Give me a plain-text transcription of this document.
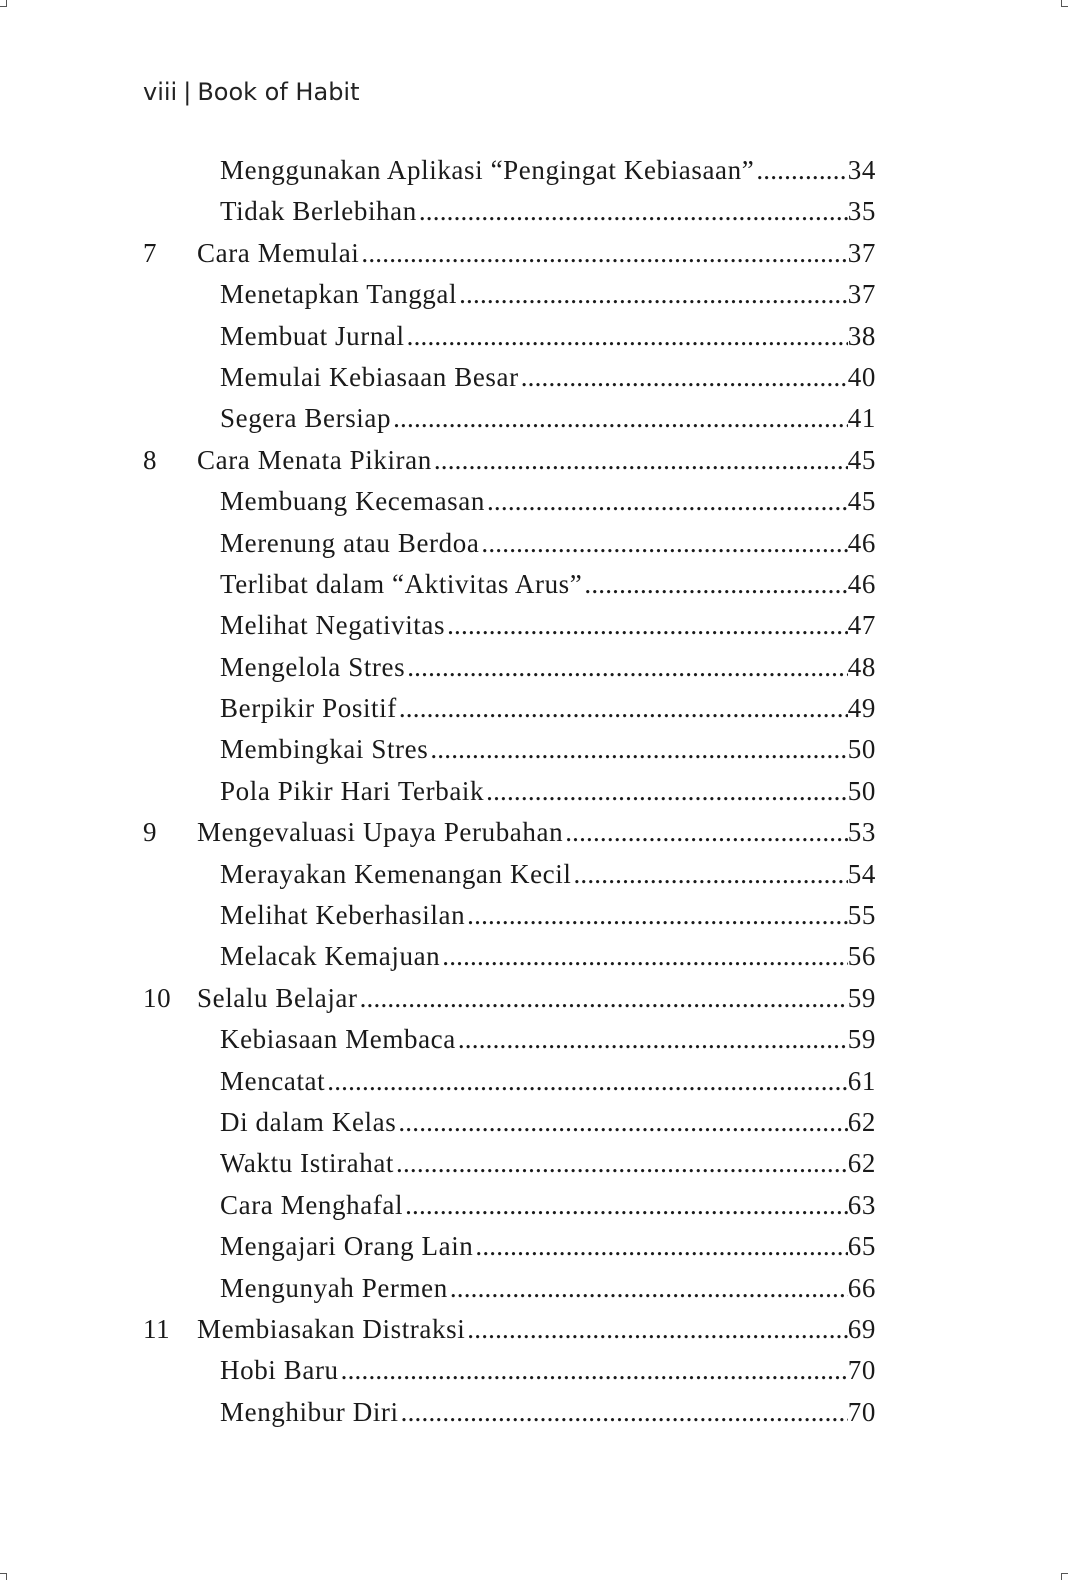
viii | Book of Habit
Menggunakan Aplikasi “Pengingat Kebiasaan” .....	34
Tidak Berlebihan .....	35
7	Cara Memulai .....	37
Menetapkan Tanggal .....	37
Membuat Jurnal .....	38
Memulai Kebiasaan Besar .....	40
Segera Bersiap .....	41
8	Cara Menata Pikiran .....	45
Membuang Kecemasan .....	45
Merenung atau Berdoa .....	46
Terlibat dalam “Aktivitas Arus” .....	46
Melihat Negativitas .....	47
Mengelola Stres .....	48
Berpikir Positif .....	49
Membingkai Stres .....	50
Pola Pikir Hari Terbaik .....	50
9	Mengevaluasi Upaya Perubahan .....	53
Merayakan Kemenangan Kecil .....	54
Melihat Keberhasilan .....	55
Melacak Kemajuan .....	56
10 Selalu Belajar .....	59
Kebiasaan Membaca .....	59
Mencatat .....	61
Di dalam Kelas .....	62
Waktu Istirahat .....	62
Cara Menghafal .....	63
Mengajari Orang Lain .....	65
Mengunyah Permen .....	66
11 Membiasakan Distraksi .....	69
Hobi Baru .....	70
Menghibur Diri .....	70
